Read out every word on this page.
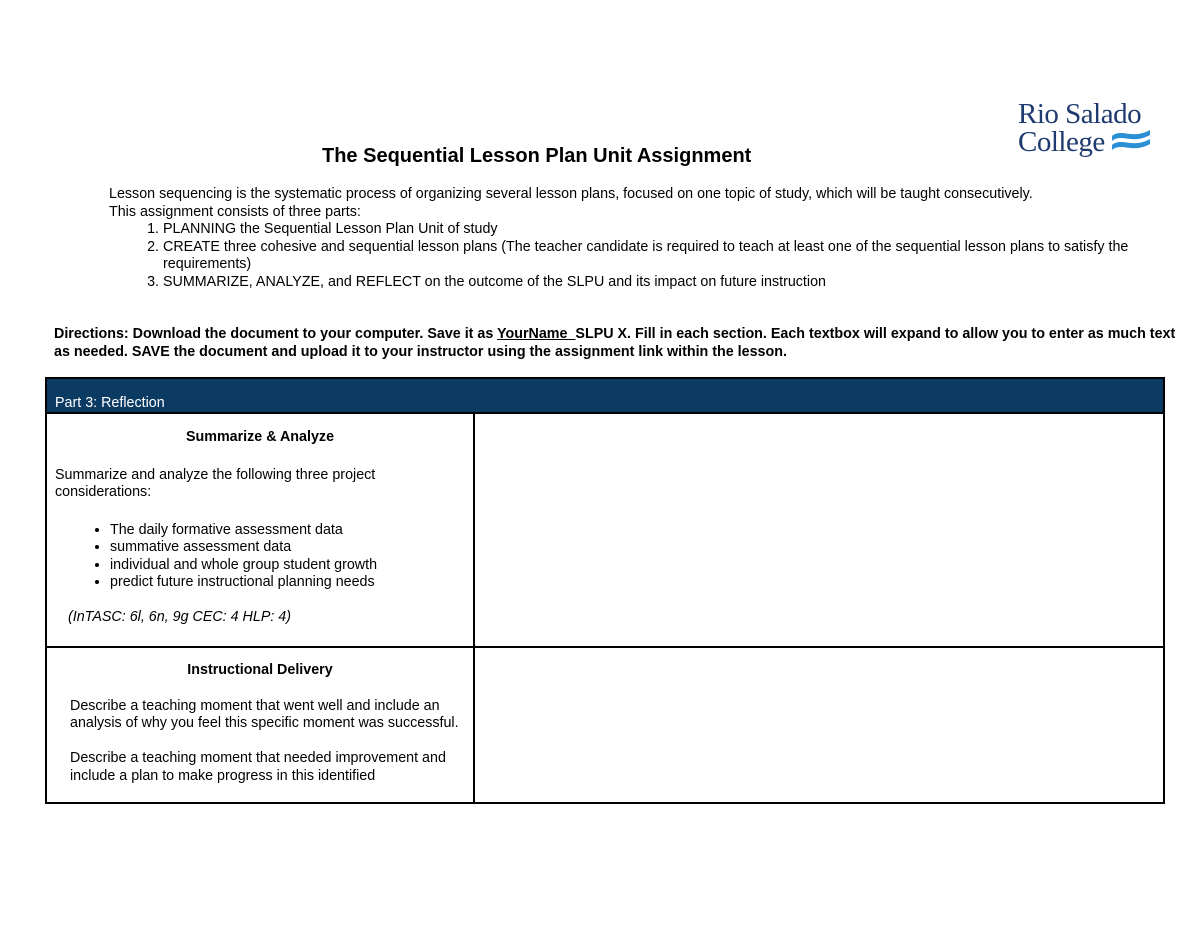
Rio Salado
College
The Sequential Lesson Plan Unit Assignment

Lesson sequencing is the systematic process of organizing several lesson plans, focused on one topic of study, which will be taught consecutively.

This assignment consists of three parts:

1. PLANNING the Sequential Lesson Plan Unit of study
2. CREATE three cohesive and sequential lesson plans (The teacher candidate is required to teach at least one of the sequential lesson plans to satisfy the requirements)
3. SUMMARIZE, ANALYZE, and REFLECT on the outcome of the SLPU and its impact on future instruction
Directions: Download the document to your computer. Save it as YourName_SLPU X. Fill in each section. Each textbox will expand to allow you to enter as much text as needed. SAVE the document and upload it to your instructor using the assignment link within the lesson.
Part 3: Reflection
Summarize & Analyze

Summarize and analyze the following three project considerations:

• The daily formative assessment data
• summative assessment data
• individual and whole group student growth
• predict future instructional planning needs
(InTASC: 6l, 6n, 9g CEC: 4 HLP: 4)
Instructional Delivery

Describe a teaching moment that went well and include an analysis of why you feel this specific moment was successful.

Describe a teaching moment that needed improvement and include a plan to make progress in this identified
